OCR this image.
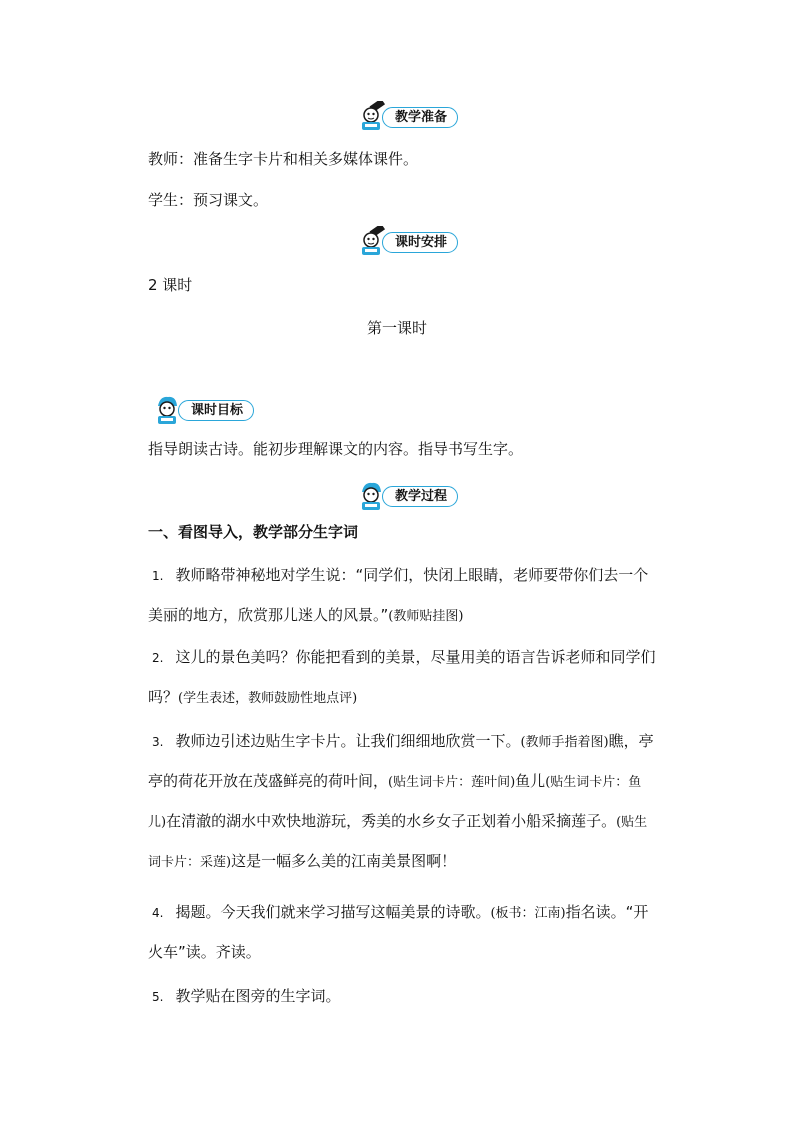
教学准备
教师：准备生字卡片和相关多媒体课件。
学生：预习课文。
课时安排
2 课时
第一课时
课时目标
指导朗读古诗。能初步理解课文的内容。指导书写生字。
教学过程
一、看图导入，教学部分生字词
1. 教师略带神秘地对学生说：“同学们，快闭上眼睛，老师要带你们去一个美丽的地方，欣赏那儿迷人的风景。”(教师贴挂图)
2. 这儿的景色美吗？你能把看到的美景，尽量用美的语言告诉老师和同学们吗？(学生表述，教师鼓励性地点评)
3. 教师边引述边贴生字卡片。让我们细细地欣赏一下。(教师手指着图)瞧，亭亭的荷花开放在茂盛鲜亮的荷叶间，(贴生词卡片：莲叶间)鱼儿(贴生词卡片：鱼儿)在清澈的湖水中欢快地游玩，秀美的水乡女子正划着小船采摘莲子。(贴生词卡片：采莲)这是一幅多么美的江南美景图啊！
4. 揭题。今天我们就来学习描写这幅美景的诗歌。(板书：江南)指名读。“开火车”读。齐读。
5. 教学贴在图旁的生字词。
